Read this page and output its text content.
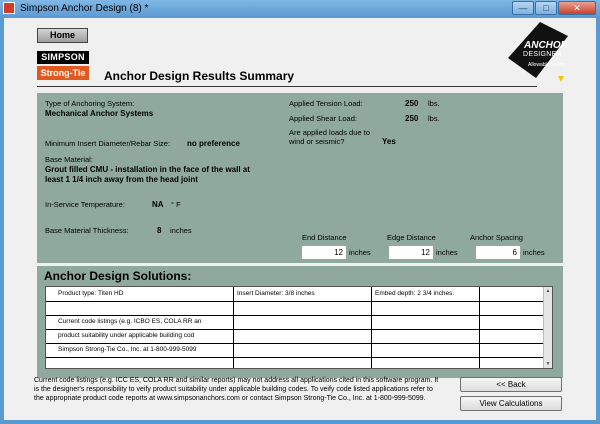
Simpson Anchor Design (8) *	—	□	✕
Home
SIMPSON
Strong-Tie Anchor Design Results Summary
ANCHOR
DESIGNER
Allowable Stress
Type of Anchoring System:
Mechanical Anchor Systems
Minimum Insert Diameter/Rebar Size: no preference
Base Material:
Grout filled CMU - installation in the face of the wall at least 1 1/4 inch away from the head joint
In-Service Temperature:	NA ° F
Base Material Thickness:	8 inches
Applied Tension Load:	250 lbs.
Applied Shear Load:	250 lbs.
Are applied loads due to wind or seismic?	Yes
End Distance
12 inches
Edge Distance
12 inches
Anchor Spacing
6 inches
Anchor Design Solutions:
Product type: Titen HD	Insert Diameter: 3/8 inches	Embed depth: 2 3/4 inches.
Current code listings (e.g. ICBO ES, COLA RR an
product suitability under applicable building cod
Simpson Strong-Tie Co., Inc. at 1-800-999-5099
▲
▼
Current code listings (e.g. ICC ES, COLA RR and similar reports) may not address all applications cited in this software program. It is the designer's responsibility to veify product suitability under applicable building codes. To veify code listed applications refer to the appropriate product code reports at www.simpsonanchors.com or contact Simpson Strong-Tie Co., Inc. at 1-800-999-5099.
<< Back
View Calculations
